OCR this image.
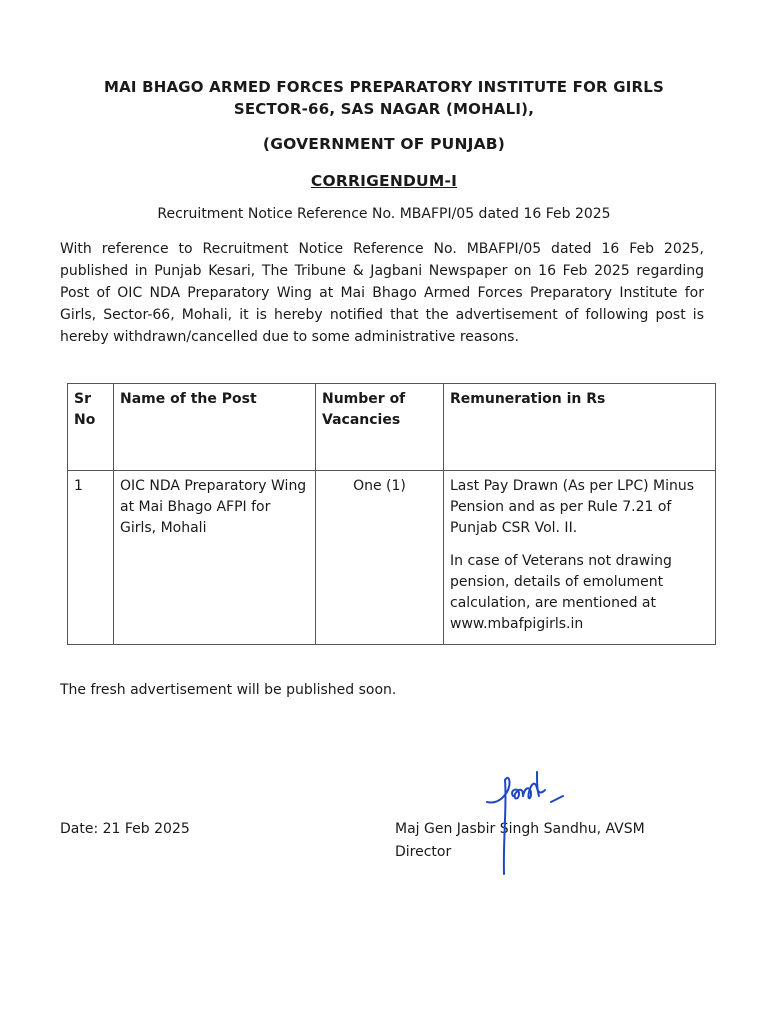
MAI BHAGO ARMED FORCES PREPARATORY INSTITUTE FOR GIRLS

SECTOR-66, SAS NAGAR (MOHALI),

(GOVERNMENT OF PUNJAB)

CORRIGENDUM-I

Recruitment Notice Reference No. MBAFPI/05 dated 16 Feb 2025

With reference to Recruitment Notice Reference No. MBAFPI/05 dated 16 Feb 2025, published in Punjab Kesari, The Tribune & Jagbani Newspaper on 16 Feb 2025 regarding Post of OIC NDA Preparatory Wing at Mai Bhago Armed Forces Preparatory Institute for Girls, Sector-66, Mohali, it is hereby notified that the advertisement of following post is hereby withdrawn/cancelled due to some administrative reasons.

Sr No	Name of the Post	Number of Vacancies	Remuneration in Rs
1	OIC NDA Preparatory Wing at Mai Bhago AFPI for Girls, Mohali	One (1)	Last Pay Drawn (As per LPC) Minus Pension and as per Rule 7.21 of Punjab CSR Vol. II.

In case of Veterans not drawing pension, details of emolument calculation, are mentioned at www.mbafpigirls.in

The fresh advertisement will be published soon.

Date: 21 Feb 2025	Maj Gen Jasbir Singh Sandhu, AVSM

Director
